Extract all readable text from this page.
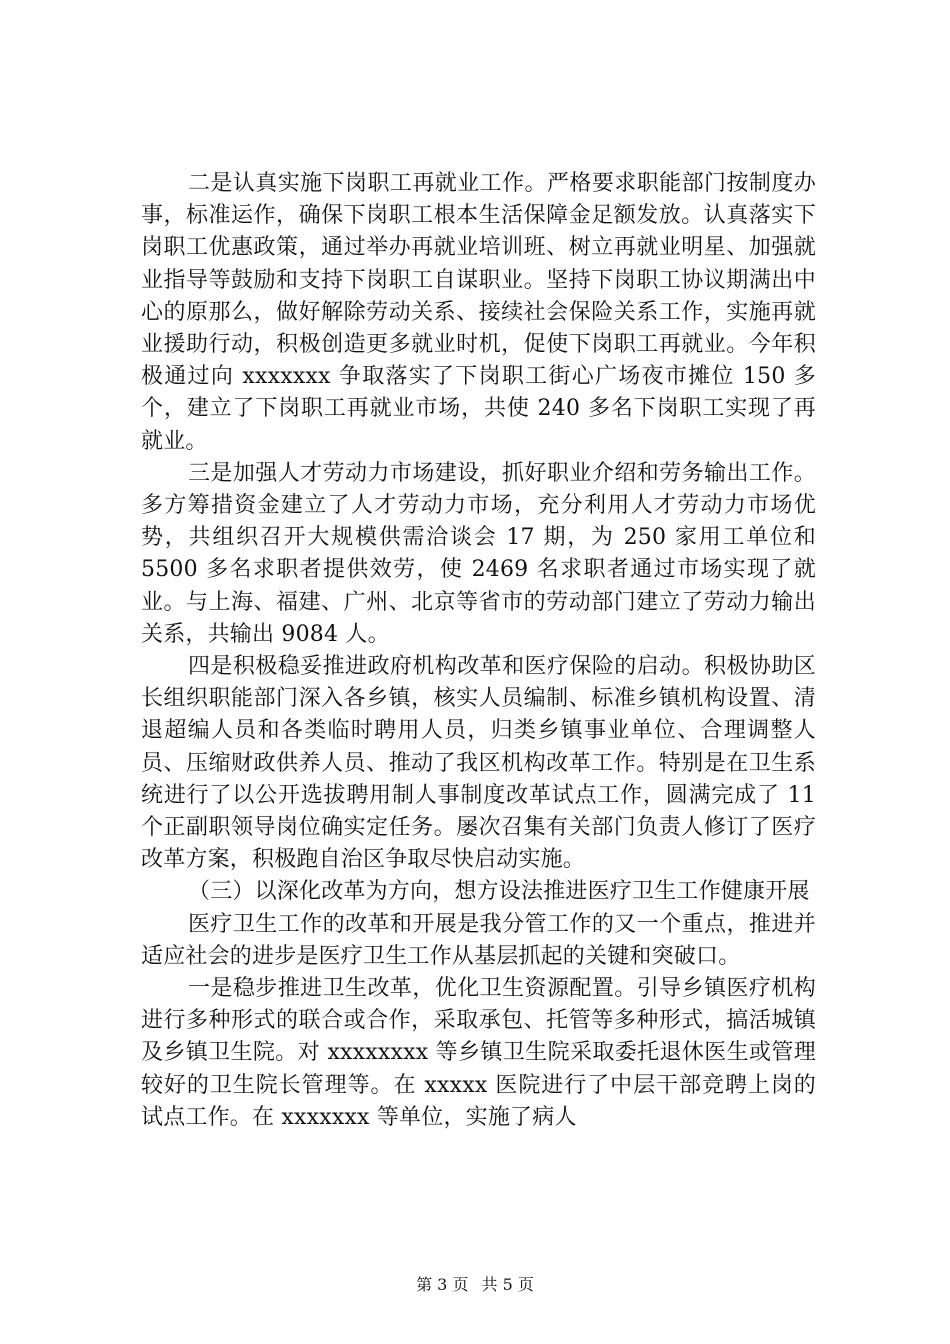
二是认真实施下岗职工再就业工作。严格要求职能部门按制度办事，标准运作，确保下岗职工根本生活保障金足额发放。认真落实下岗职工优惠政策，通过举办再就业培训班、树立再就业明星、加强就业指导等鼓励和支持下岗职工自谋职业。坚持下岗职工协议期满出中心的原那么，做好解除劳动关系、接续社会保险关系工作，实施再就业援助行动，积极创造更多就业时机，促使下岗职工再就业。今年积极通过向 xxxxxxx 争取落实了下岗职工街心广场夜市摊位 150 多个，建立了下岗职工再就业市场，共使 240 多名下岗职工实现了再就业。

三是加强人才劳动力市场建设，抓好职业介绍和劳务输出工作。多方筹措资金建立了人才劳动力市场，充分利用人才劳动力市场优势，共组织召开大规模供需洽谈会 17 期，为 250 家用工单位和 5500 多名求职者提供效劳，使 2469 名求职者通过市场实现了就业。与上海、福建、广州、北京等省市的劳动部门建立了劳动力输出关系，共输出 9084 人。

四是积极稳妥推进政府机构改革和医疗保险的启动。积极协助区长组织职能部门深入各乡镇，核实人员编制、标准乡镇机构设置、清退超编人员和各类临时聘用人员，归类乡镇事业单位、合理调整人员、压缩财政供养人员、推动了我区机构改革工作。特别是在卫生系统进行了以公开选拔聘用制人事制度改革试点工作，圆满完成了 11 个正副职领导岗位确实定任务。屡次召集有关部门负责人修订了医疗改革方案，积极跑自治区争取尽快启动实施。

（三）以深化改革为方向，想方设法推进医疗卫生工作健康开展

医疗卫生工作的改革和开展是我分管工作的又一个重点，推进并适应社会的进步是医疗卫生工作从基层抓起的关键和突破口。

一是稳步推进卫生改革，优化卫生资源配置。引导乡镇医疗机构进行多种形式的联合或合作，采取承包、托管等多种形式，搞活城镇及乡镇卫生院。对 xxxxxxxx 等乡镇卫生院采取委托退休医生或管理较好的卫生院长管理等。在 xxxxx 医院进行了中层干部竞聘上岗的试点工作。在 xxxxxxx 等单位，实施了病人

第 3 页 共 5 页
